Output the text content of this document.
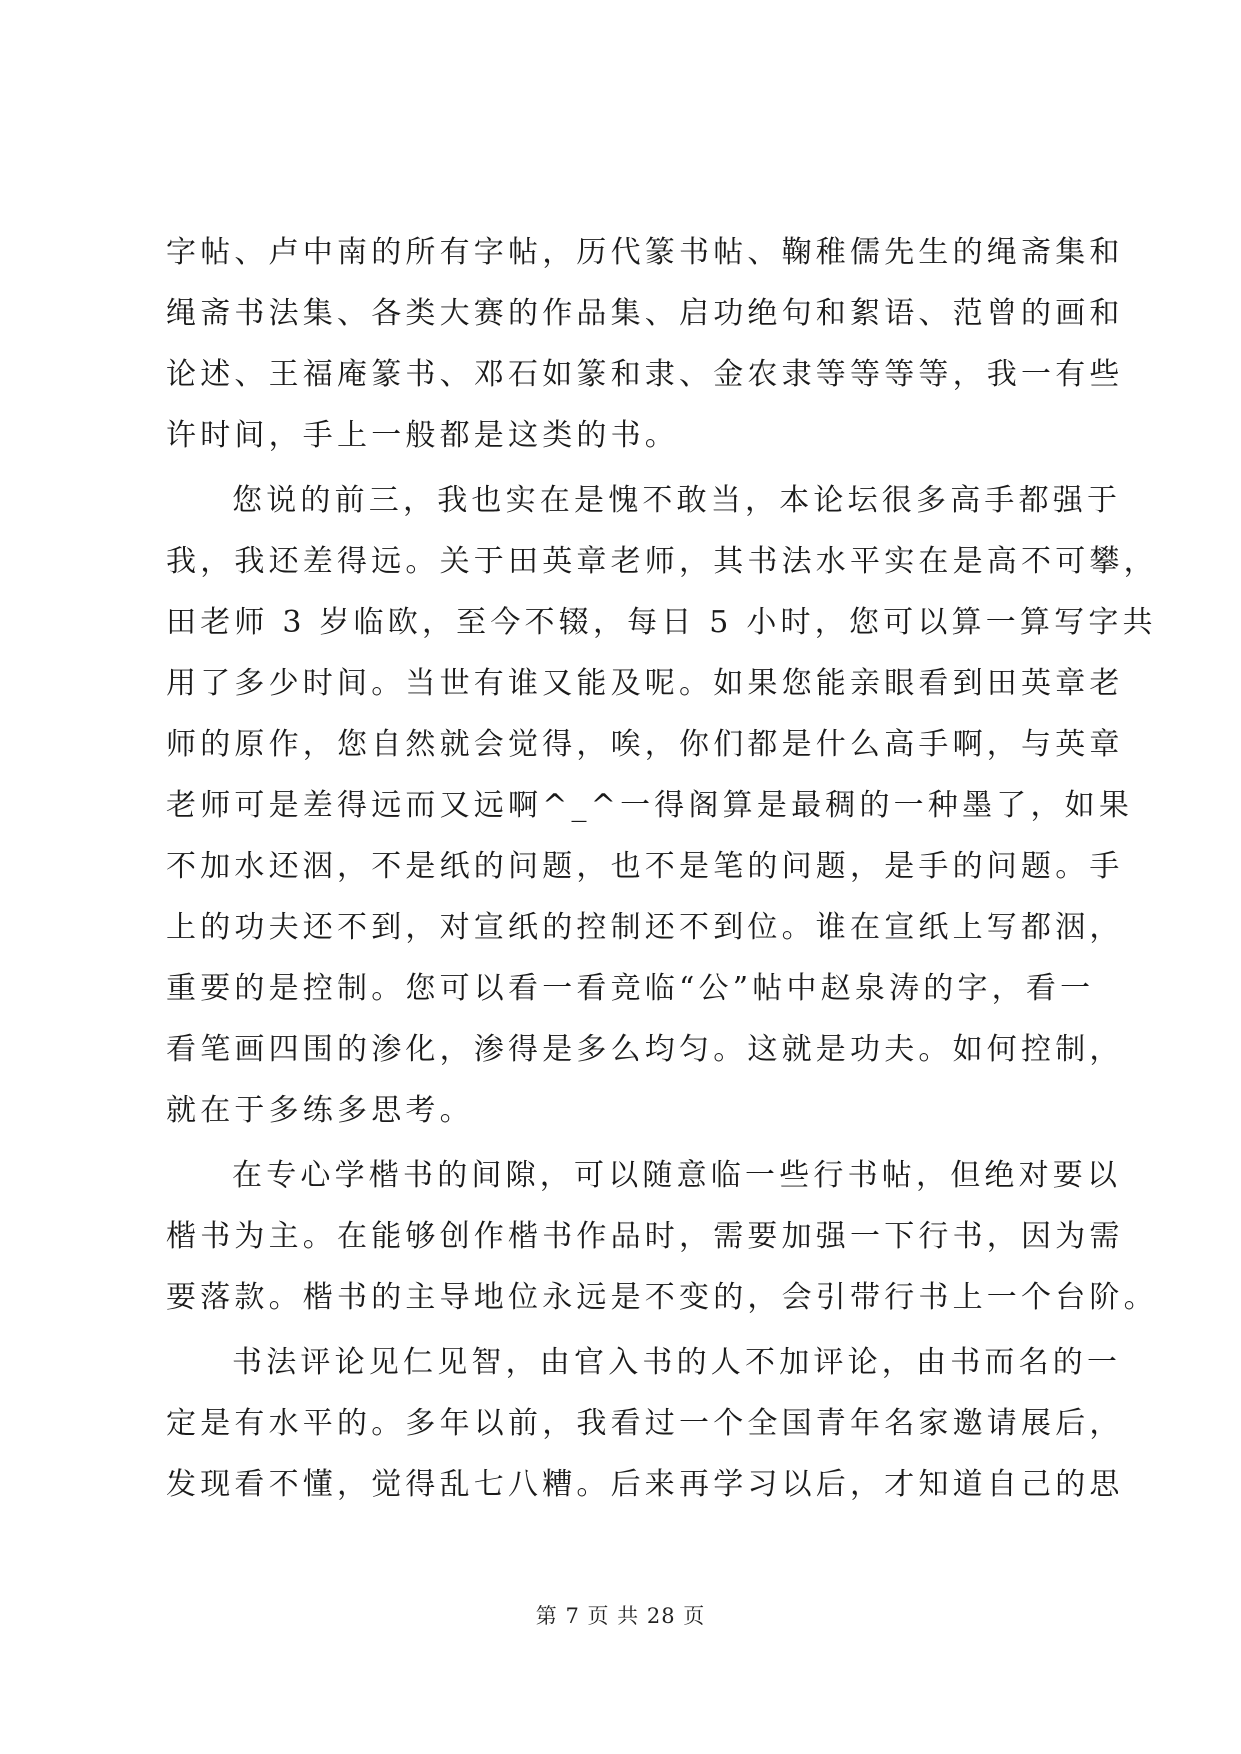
字帖、卢中南的所有字帖，历代篆书帖、鞠稚儒先生的绳斋集和
绳斋书法集、各类大赛的作品集、启功绝句和絮语、范曾的画和
论述、王福庵篆书、邓石如篆和隶、金农隶等等等等，我一有些
许时间，手上一般都是这类的书。
您说的前三，我也实在是愧不敢当，本论坛很多高手都强于
我，我还差得远。关于田英章老师，其书法水平实在是高不可攀，
田老师 3 岁临欧，至今不辍，每日 5 小时，您可以算一算写字共
用了多少时间。当世有谁又能及呢。如果您能亲眼看到田英章老
师的原作，您自然就会觉得，唉，你们都是什么高手啊，与英章
老师可是差得远而又远啊^_^一得阁算是最稠的一种墨了，如果
不加水还洇，不是纸的问题，也不是笔的问题，是手的问题。手
上的功夫还不到，对宣纸的控制还不到位。谁在宣纸上写都洇，
重要的是控制。您可以看一看竞临“公”帖中赵泉涛的字，看一
看笔画四围的渗化，渗得是多么均匀。这就是功夫。如何控制，
就在于多练多思考。
在专心学楷书的间隙，可以随意临一些行书帖，但绝对要以
楷书为主。在能够创作楷书作品时，需要加强一下行书，因为需
要落款。楷书的主导地位永远是不变的，会引带行书上一个台阶。
书法评论见仁见智，由官入书的人不加评论，由书而名的一
定是有水平的。多年以前，我看过一个全国青年名家邀请展后，
发现看不懂，觉得乱七八糟。后来再学习以后，才知道自己的思
第 7 页 共 28 页
